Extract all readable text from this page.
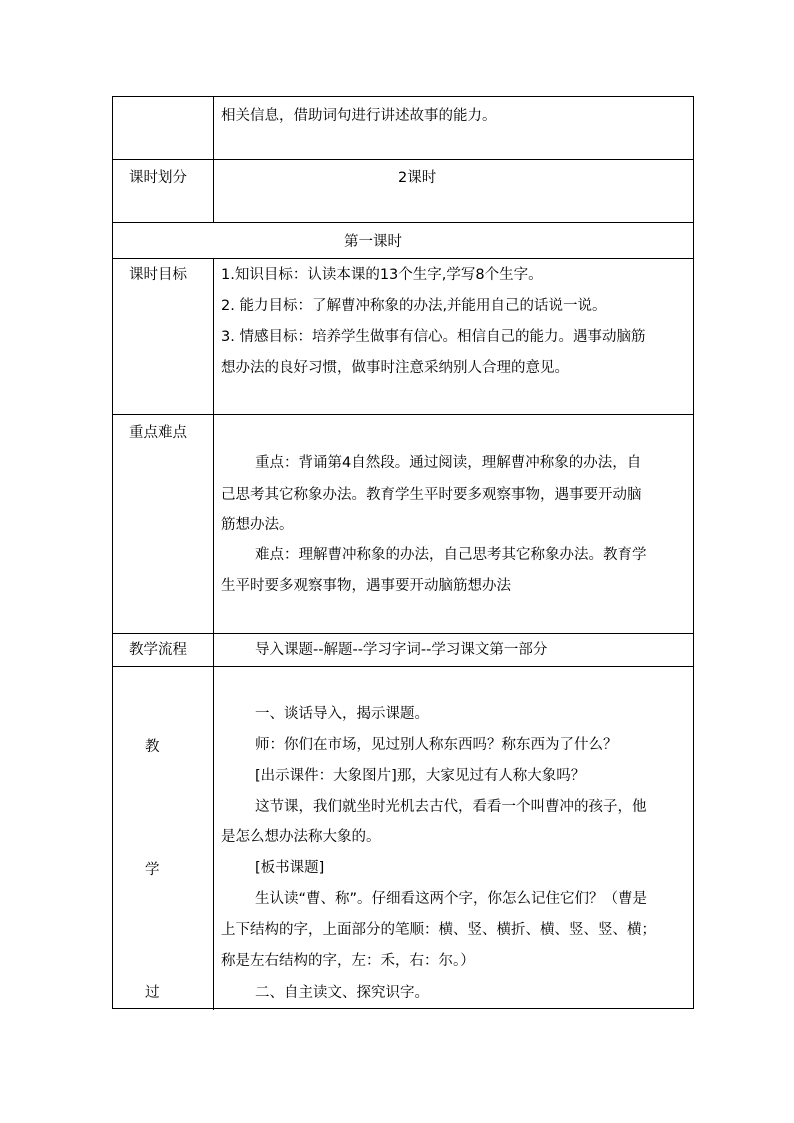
相关信息，借助词句进行讲述故事的能力。
课时划分	2课时
第一课时
课时目标 1.知识目标：认读本课的13个生字,学写8个生字。
2. 能力目标：了解曹冲称象的办法,并能用自己的话说一说。
3. 情感目标：培养学生做事有信心。相信自己的能力。遇事动脑筋
想办法的良好习惯，做事时注意采纳别人合理的意见。
重点难点
重点：背诵第4自然段。通过阅读，理解曹冲称象的办法，自
己思考其它称象办法。教育学生平时要多观察事物，遇事要开动脑
筋想办法。
难点：理解曹冲称象的办法，自己思考其它称象办法。教育学
生平时要多观察事物，遇事要开动脑筋想办法
教学流程	导入课题--解题--学习字词--学习课文第一部分
教
学
过
一、谈话导入，揭示课题。
师：你们在市场，见过别人称东西吗？称东西为了什么？
[出示课件：大象图片]那，大家见过有人称大象吗？
这节课，我们就坐时光机去古代，看看一个叫曹冲的孩子，他
是怎么想办法称大象的。
[板书课题]
生认读“曹、称”。仔细看这两个字，你怎么记住它们？（曹是
上下结构的字，上面部分的笔顺：横、竖、横折、横、竖、竖、横；
称是左右结构的字，左：禾，右：尔。）
二、自主读文、探究识字。
